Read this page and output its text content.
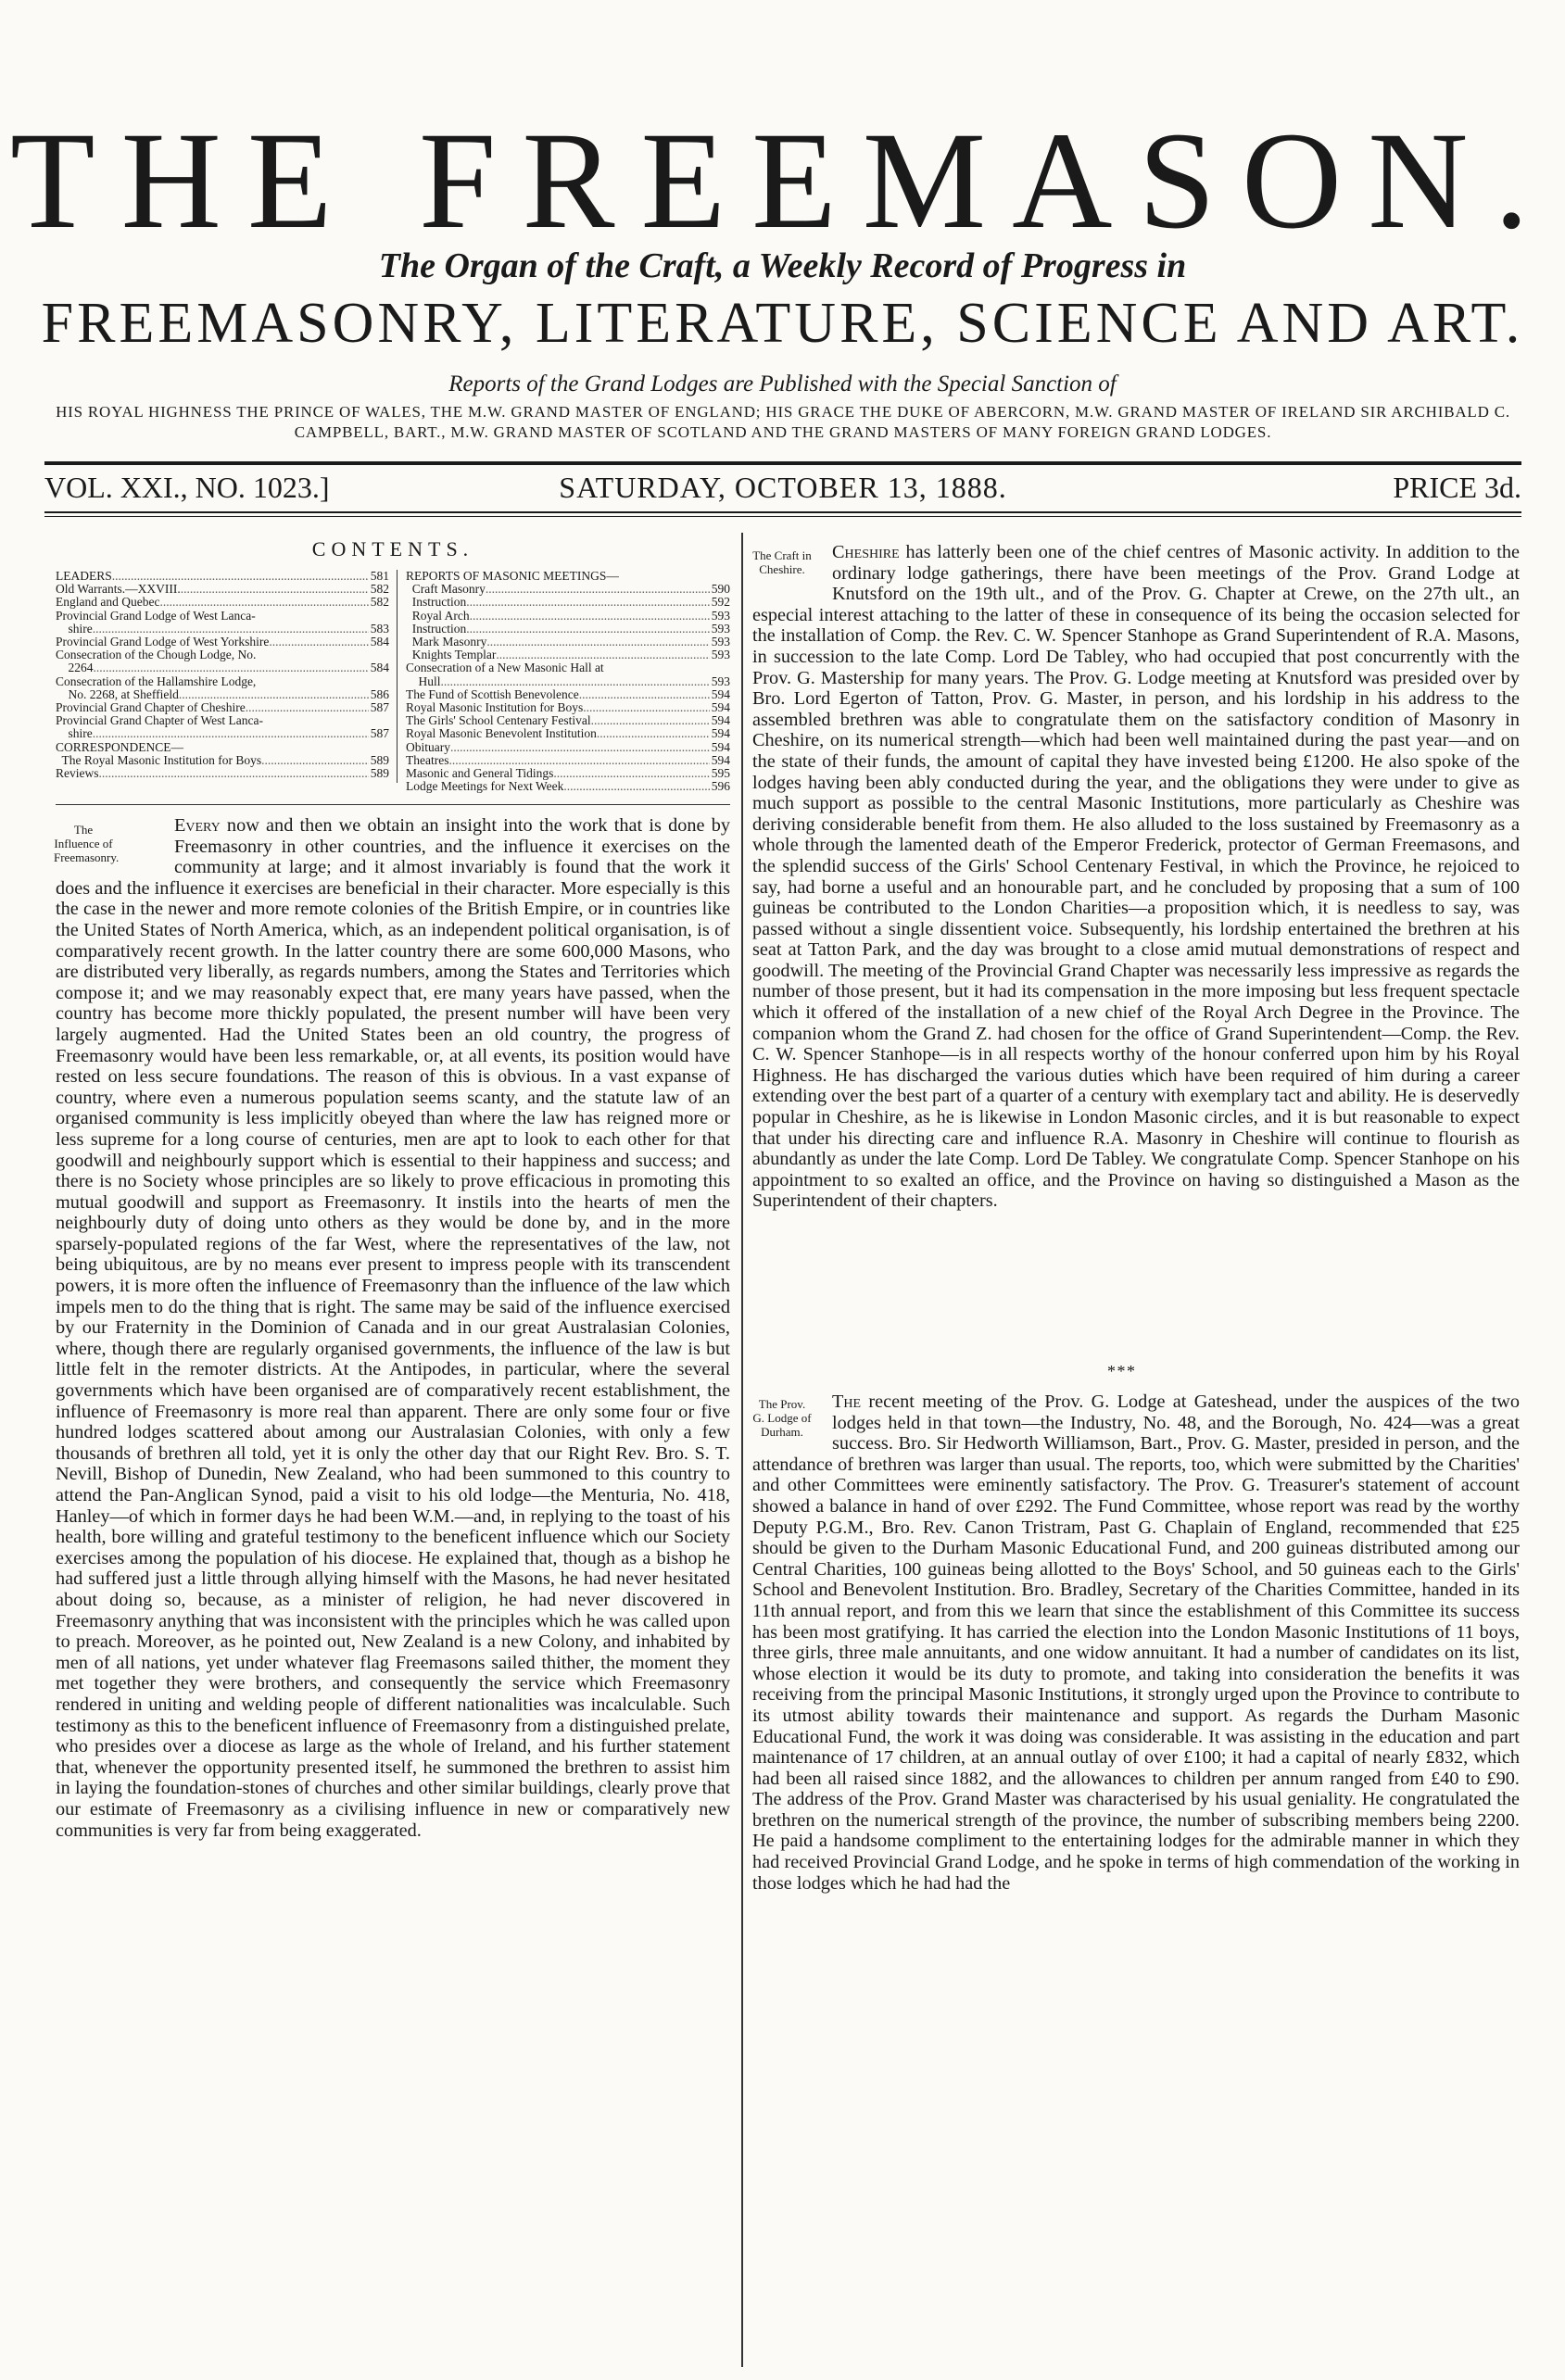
THE FREEMASON.
The Organ of the Craft, a Weekly Record of Progress in
FREEMASONRY, LITERATURE, SCIENCE AND ART.
Reports of the Grand Lodges are Published with the Special Sanction of
HIS ROYAL HIGHNESS THE PRINCE OF WALES, THE M.W. GRAND MASTER OF ENGLAND; HIS GRACE THE DUKE OF ABERCORN, M.W. GRAND MASTER OF IRELAND SIR ARCHIBALD C. CAMPBELL, BART., M.W. GRAND MASTER OF SCOTLAND AND THE GRAND MASTERS OF MANY FOREIGN GRAND LODGES.
VOL. XXI., NO. 1023.]	SATURDAY, OCTOBER 13, 1888.	PRICE 3d.
CONTENTS.
LEADERS .....	581
Old Warrants.—XXVIII. .....	582
England and Quebec .....	582
Provincial Grand Lodge of West Lanca-
shire .....	583
Provincial Grand Lodge of West Yorkshire .....	584
Consecration of the Chough Lodge, No.
2264 .....	584
Consecration of the Hallamshire Lodge,
No. 2268, at Sheffield .....	586
Provincial Grand Chapter of Cheshire .....	587
Provincial Grand Chapter of West Lanca-
shire .....	587
CORRESPONDENCE—
The Royal Masonic Institution for Boys .....	589
Reviews .....	589
REPORTS OF MASONIC MEETINGS—
Craft Masonry .....	590
Instruction .....	592
Royal Arch .....	593
Instruction .....	593
Mark Masonry .....	593
Knights Templar .....	593
Consecration of a New Masonic Hall at
Hull .....	593
The Fund of Scottish Benevolence .....	594
Royal Masonic Institution for Boys .....	594
The Girls' School Centenary Festival .....	594
Royal Masonic Benevolent Institution .....	594
Obituary .....	594
Theatres .....	594
Masonic and General Tidings .....	595
Lodge Meetings for Next Week .....	596
The Influence of Freemasonry.

Every now and then we obtain an insight into the work that is done by Freemasonry in other countries, and the influence it exercises on the community at large; and it almost invariably is found that the work it does and the influence it exercises are beneficial in their character. More especially is this the case in the newer and more remote colonies of the British Empire, or in countries like the United States of North America, which, as an independent political organisation, is of comparatively recent growth. In the latter country there are some 600,000 Masons, who are distributed very liberally, as regards numbers, among the States and Territories which compose it; and we may reasonably expect that, ere many years have passed, when the country has become more thickly populated, the present number will have been very largely augmented. Had the United States been an old country, the progress of Freemasonry would have been less remarkable, or, at all events, its position would have rested on less secure foundations. The reason of this is obvious. In a vast expanse of country, where even a numerous population seems scanty, and the statute law of an organised community is less implicitly obeyed than where the law has reigned more or less supreme for a long course of centuries, men are apt to look to each other for that goodwill and neighbourly support which is essential to their happiness and success; and there is no Society whose principles are so likely to prove efficacious in promoting this mutual goodwill and support as Freemasonry. It instils into the hearts of men the neighbourly duty of doing unto others as they would be done by, and in the more sparsely-populated regions of the far West, where the representatives of the law, not being ubiquitous, are by no means ever present to impress people with its transcendent powers, it is more often the influence of Freemasonry than the influence of the law which impels men to do the thing that is right. The same may be said of the influence exercised by our Fraternity in the Dominion of Canada and in our great Australasian Colonies, where, though there are regularly organised governments, the influence of the law is but little felt in the remoter districts. At the Antipodes, in particular, where the several governments which have been organised are of comparatively recent establishment, the influence of Freemasonry is more real than apparent. There are only some four or five hundred lodges scattered about among our Australasian Colonies, with only a few thousands of brethren all told, yet it is only the other day that our Right Rev. Bro. S. T. Nevill, Bishop of Dunedin, New Zealand, who had been summoned to this country to attend the Pan-Anglican Synod, paid a visit to his old lodge—the Menturia, No. 418, Hanley—of which in former days he had been W.M.—and, in replying to the toast of his health, bore willing and grateful testimony to the beneficent influence which our Society exercises among the population of his diocese. He explained that, though as a bishop he had suffered just a little through allying himself with the Masons, he had never hesitated about doing so, because, as a minister of religion, he had never discovered in Freemasonry anything that was inconsistent with the principles which he was called upon to preach. Moreover, as he pointed out, New Zealand is a new Colony, and inhabited by men of all nations, yet under whatever flag Freemasons sailed thither, the moment they met together they were brothers, and consequently the service which Freemasonry rendered in uniting and welding people of different nationalities was incalculable. Such testimony as this to the beneficent influence of Freemasonry from a distinguished prelate, who presides over a diocese as large as the whole of Ireland, and his further statement that, whenever the opportunity presented itself, he summoned the brethren to assist him in laying the foundation-stones of churches and other similar buildings, clearly prove that our estimate of Freemasonry as a civilising influence in new or comparatively new communities is very far from being exaggerated.

The Craft in Cheshire.

Cheshire has latterly been one of the chief centres of Masonic activity. In addition to the ordinary lodge gatherings, there have been meetings of the Prov. Grand Lodge at Knutsford on the 19th ult., and of the Prov. G. Chapter at Crewe, on the 27th ult., an especial interest attaching to the latter of these in consequence of its being the occasion selected for the installation of Comp. the Rev. C. W. Spencer Stanhope as Grand Superintendent of R.A. Masons, in succession to the late Comp. Lord De Tabley, who had occupied that post concurrently with the Prov. G. Mastership for many years. The Prov. G. Lodge meeting at Knutsford was presided over by Bro. Lord Egerton of Tatton, Prov. G. Master, in person, and his lordship in his address to the assembled brethren was able to congratulate them on the satisfactory condition of Masonry in Cheshire, on its numerical strength—which had been well maintained during the past year—and on the state of their funds, the amount of capital they have invested being £1200. He also spoke of the lodges having been ably conducted during the year, and the obligations they were under to give as much support as possible to the central Masonic Institutions, more particularly as Cheshire was deriving considerable benefit from them. He also alluded to the loss sustained by Freemasonry as a whole through the lamented death of the Emperor Frederick, protector of German Freemasons, and the splendid success of the Girls' School Centenary Festival, in which the Province, he rejoiced to say, had borne a useful and an honourable part, and he concluded by proposing that a sum of 100 guineas be contributed to the London Charities—a proposition which, it is needless to say, was passed without a single dissentient voice. Subsequently, his lordship entertained the brethren at his seat at Tatton Park, and the day was brought to a close amid mutual demonstrations of respect and goodwill. The meeting of the Provincial Grand Chapter was necessarily less impressive as regards the number of those present, but it had its compensation in the more imposing but less frequent spectacle which it offered of the installation of a new chief of the Royal Arch Degree in the Province. The companion whom the Grand Z. had chosen for the office of Grand Superintendent—Comp. the Rev. C. W. Spencer Stanhope—is in all respects worthy of the honour conferred upon him by his Royal Highness. He has discharged the various duties which have been required of him during a career extending over the best part of a quarter of a century with exemplary tact and ability. He is deservedly popular in Cheshire, as he is likewise in London Masonic circles, and it is but reasonable to expect that under his directing care and influence R.A. Masonry in Cheshire will continue to flourish as abundantly as under the late Comp. Lord De Tabley. We congratulate Comp. Spencer Stanhope on his appointment to so exalted an office, and the Province on having so distinguished a Mason as the Superintendent of their chapters.

* * *
The Prov. G. Lodge of Durham.

The recent meeting of the Prov. G. Lodge at Gateshead, under the auspices of the two lodges held in that town—the Industry, No. 48, and the Borough, No. 424—was a great success. Bro. Sir Hedworth Williamson, Bart., Prov. G. Master, presided in person, and the attendance of brethren was larger than usual. The reports, too, which were submitted by the Charities' and other Committees were eminently satisfactory. The Prov. G. Treasurer's statement of account showed a balance in hand of over £292. The Fund Committee, whose report was read by the worthy Deputy P.G.M., Bro. Rev. Canon Tristram, Past G. Chaplain of England, recommended that £25 should be given to the Durham Masonic Educational Fund, and 200 guineas distributed among our Central Charities, 100 guineas being allotted to the Boys' School, and 50 guineas each to the Girls' School and Benevolent Institution. Bro. Bradley, Secretary of the Charities Committee, handed in its 11th annual report, and from this we learn that since the establishment of this Committee its success has been most gratifying. It has carried the election into the London Masonic Institutions of 11 boys, three girls, three male annuitants, and one widow annuitant. It had a number of candidates on its list, whose election it would be its duty to promote, and taking into consideration the benefits it was receiving from the principal Masonic Institutions, it strongly urged upon the Province to contribute to its utmost ability towards their maintenance and support. As regards the Durham Masonic Educational Fund, the work it was doing was considerable. It was assisting in the education and part maintenance of 17 children, at an annual outlay of over £100; it had a capital of nearly £832, which had been all raised since 1882, and the allowances to children per annum ranged from £40 to £90. The address of the Prov. Grand Master was characterised by his usual geniality. He congratulated the brethren on the numerical strength of the province, the number of subscribing members being 2200. He paid a handsome compliment to the entertaining lodges for the admirable manner in which they had received Provincial Grand Lodge, and he spoke in terms of high commendation of the working in those lodges which he had had the
